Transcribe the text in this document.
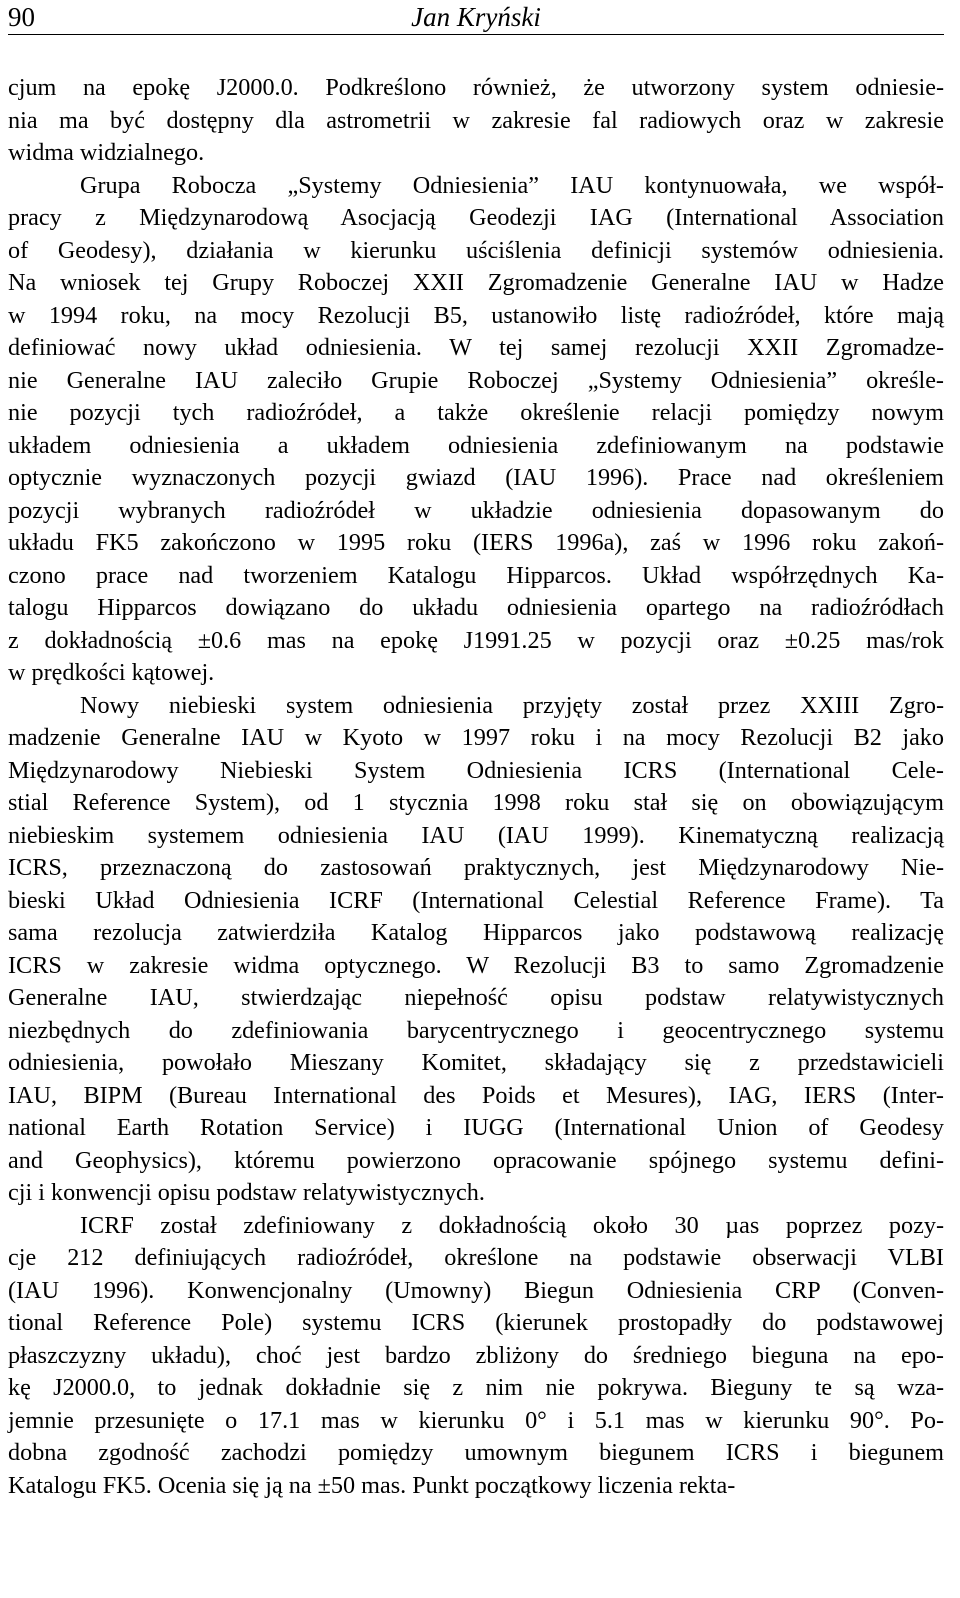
90	Jan Kryński
cjum na epokę J2000.0. Podkreślono również, że utworzony system odniesie-
nia ma być dostępny dla astrometrii w zakresie fal radiowych oraz w zakresie
widma widzialnego.
Grupa Robocza „Systemy Odniesienia” IAU kontynuowała, we współ-
pracy z Międzynarodową Asocjacją Geodezji IAG (International Association
of Geodesy), działania w kierunku uściślenia definicji systemów odniesienia.
Na wniosek tej Grupy Roboczej XXII Zgromadzenie Generalne IAU w Hadze
w 1994 roku, na mocy Rezolucji B5, ustanowiło listę radioźródeł, które mają
definiować nowy układ odniesienia. W tej samej rezolucji XXII Zgromadze-
nie Generalne IAU zaleciło Grupie Roboczej „Systemy Odniesienia” określe-
nie pozycji tych radioźródeł, a także określenie relacji pomiędzy nowym
układem odniesienia a układem odniesienia zdefiniowanym na podstawie
optycznie wyznaczonych pozycji gwiazd (IAU 1996). Prace nad określeniem
pozycji wybranych radioźródeł w układzie odniesienia dopasowanym do
układu FK5 zakończono w 1995 roku (IERS 1996a), zaś w 1996 roku zakoń-
czono prace nad tworzeniem Katalogu Hipparcos. Układ współrzędnych Ka-
talogu Hipparcos dowiązano do układu odniesienia opartego na radioźródłach
z dokładnością ±0.6 mas na epokę J1991.25 w pozycji oraz ±0.25 mas/rok
w prędkości kątowej.
Nowy niebieski system odniesienia przyjęty został przez XXIII Zgro-
madzenie Generalne IAU w Kyoto w 1997 roku i na mocy Rezolucji B2 jako
Międzynarodowy Niebieski System Odniesienia ICRS (International Cele-
stial Reference System), od 1 stycznia 1998 roku stał się on obowiązującym
niebieskim systemem odniesienia IAU (IAU 1999). Kinematyczną realizacją
ICRS, przeznaczoną do zastosowań praktycznych, jest Międzynarodowy Nie-
bieski Układ Odniesienia ICRF (International Celestial Reference Frame). Ta
sama rezolucja zatwierdziła Katalog Hipparcos jako podstawową realizację
ICRS w zakresie widma optycznego. W Rezolucji B3 to samo Zgromadzenie
Generalne IAU, stwierdzając niepełność opisu podstaw relatywistycznych
niezbędnych do zdefiniowania barycentrycznego i geocentrycznego systemu
odniesienia, powołało Mieszany Komitet, składający się z przedstawicieli
IAU, BIPM (Bureau International des Poids et Mesures), IAG, IERS (Inter-
national Earth Rotation Service) i IUGG (International Union of Geodesy
and Geophysics), któremu powierzono opracowanie spójnego systemu defini-
cji i konwencji opisu podstaw relatywistycznych.
ICRF został zdefiniowany z dokładnością około 30 µas poprzez pozy-
cje 212 definiujących radioźródeł, określone na podstawie obserwacji VLBI
(IAU 1996). Konwencjonalny (Umowny) Biegun Odniesienia CRP (Conven-
tional Reference Pole) systemu ICRS (kierunek prostopadły do podstawowej
płaszczyzny układu), choć jest bardzo zbliżony do średniego bieguna na epo-
kę J2000.0, to jednak dokładnie się z nim nie pokrywa. Bieguny te są wza-
jemnie przesunięte o 17.1 mas w kierunku 0° i 5.1 mas w kierunku 90°. Po-
dobna zgodność zachodzi pomiędzy umownym biegunem ICRS i biegunem
Katalogu FK5. Ocenia się ją na ±50 mas. Punkt początkowy liczenia rekta-
